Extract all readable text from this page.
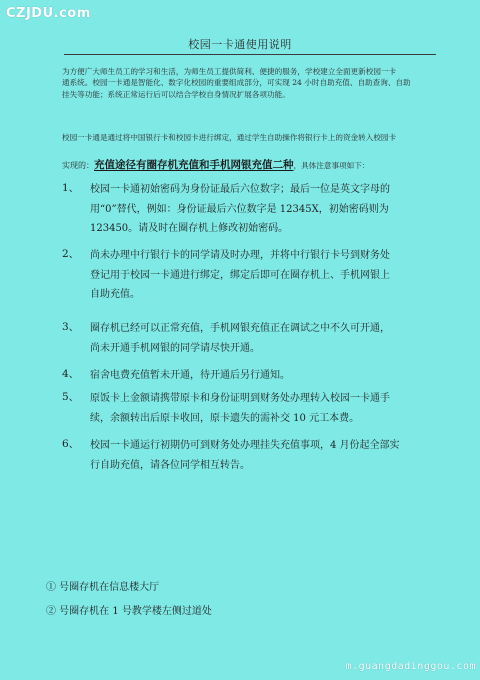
CZJDU.com
校园一卡通使用说明
为方便广大师生员工的学习和生活，为师生员工提供简利、便捷的服务，学校建立全面更新校园一卡
通系统。校园一卡通是智能化、数字化校园的重要组成部分，可实现 24 小时自助充值、自助查询、自助
挂失等功能；系统正常运行后可以结合学校自身情况扩展各项功能。
校园一卡通是通过将中国银行卡和校园卡进行绑定，通过学生自助操作将银行卡上的资金转入校园卡
实现的：充值途径有圈存机充值和手机网银充值二种，具体注意事项如下：
1、 校园一卡通初始密码为身份证最后六位数字；最后一位是英文字母的
用“0”替代，例如：身份证最后六位数字是 12345X，初始密码则为
123450。请及时在圈存机上修改初始密码。
2、 尚未办理中行银行卡的同学请及时办理，并将中行银行卡号到财务处
登记用于校园一卡通进行绑定，绑定后即可在圈存机上、手机网银上
自助充值。
3、 圈存机已经可以正常充值，手机网银充值正在调试之中不久可开通，
尚未开通手机网银的同学请尽快开通。
4、 宿舍电费充值暂未开通，待开通后另行通知。
5、 原饭卡上金额请携带原卡和身份证明到财务处办理转入校园一卡通手
续，余额转出后原卡收回，原卡遗失的需补交 10 元工本费。
6、 校园一卡通运行初期仍可到财务处办理挂失充值事项，4 月份起全部实
行自助充值，请各位同学相互转告。
① 号圈存机在信息楼大厅
② 号圈存机在 1 号教学楼左侧过道处
m.guangdadinggou.com
